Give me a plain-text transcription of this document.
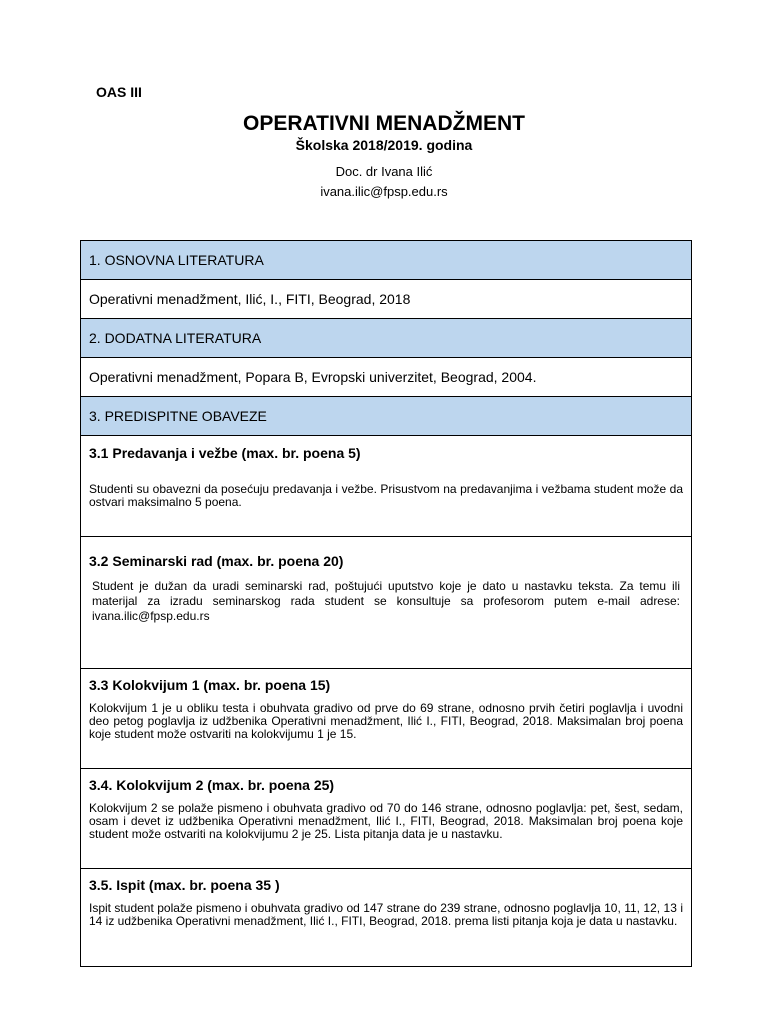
OAS III
OPERATIVNI MENADŽMENT
Školska 2018/2019. godina
Doc. dr Ivana Ilić
ivana.ilic@fpsp.edu.rs
1. OSNOVNA LITERATURA
Operativni menadžment, Ilić, I., FITI, Beograd, 2018
2. DODATNA LITERATURA
Operativni menadžment, Popara B, Evropski univerzitet, Beograd, 2004.
3. PREDISPITNE OBAVEZE

3.1 Predavanja i vežbe (max. br. poena 5)
Studenti su obavezni da posećuju predavanja i vežbe. Prisustvom na predavanjima i vežbama student može da ostvari maksimalno 5 poena.

3.2 Seminarski rad (max. br. poena 20)
Student je dužan da uradi seminarski rad, poštujući uputstvo koje je dato u nastavku teksta. Za temu ili materijal za izradu seminarskog rada student se konsultuje sa profesorom putem e-mail adrese: ivana.ilic@fpsp.edu.rs

3.3 Kolokvijum 1 (max. br. poena 15)
Kolokvijum 1 je u obliku testa i obuhvata gradivo od prve do 69 strane, odnosno prvih četiri poglavlja i uvodni deo petog poglavlja iz udžbenika Operativni menadžment, Ilić I., FITI, Beograd, 2018. Maksimalan broj poena koje student može ostvariti na kolokvijumu 1 je 15.

3.4. Kolokvijum 2 (max. br. poena 25)
Kolokvijum 2 se polaže pismeno i obuhvata gradivo od 70 do 146 strane, odnosno poglavlja: pet, šest, sedam, osam i devet iz udžbenika Operativni menadžment, Ilić I., FITI, Beograd, 2018. Maksimalan broj poena koje student može ostvariti na kolokvijumu 2 je 25. Lista pitanja data je u nastavku.

3.5. Ispit (max. br. poena 35 )
Ispit student polaže pismeno i obuhvata gradivo od 147 strane do 239 strane, odnosno poglavlja 10, 11, 12, 13 i 14 iz udžbenika Operativni menadžment, Ilić I., FITI, Beograd, 2018. prema listi pitanja koja je data u nastavku.
